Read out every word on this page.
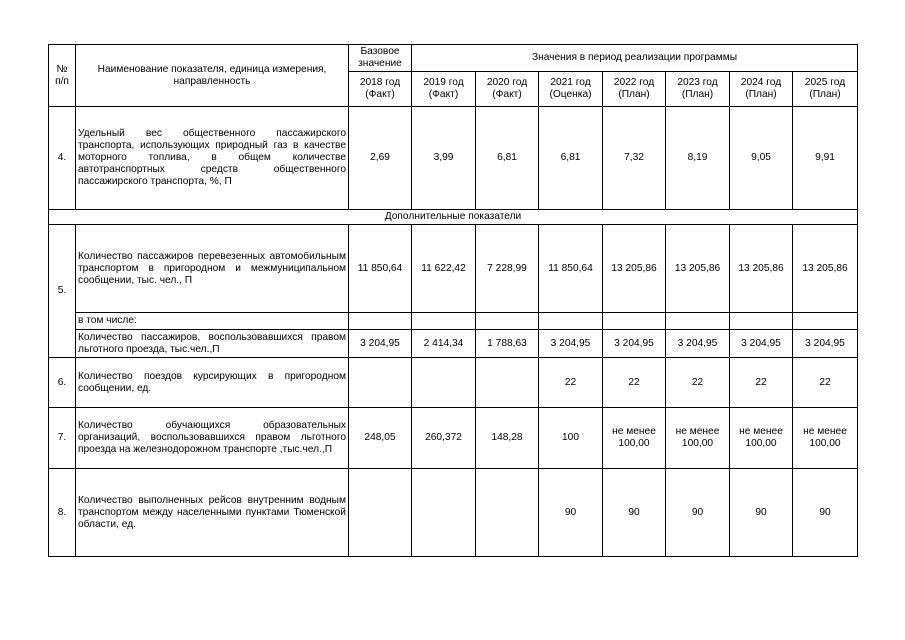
№ п/п	Наименование показателя, единица измерения, направленность	Базовое значение	Значения в период реализации программы						
		2018 год (Факт)	2019 год (Факт)	2020 год (Факт)	2021 год (Оценка)	2022 год (План)	2023 год (План)	2024 год (План)	2025 год (План)
4.	Удельный вес общественного пассажирского транспорта, использующих природный газ в качестве моторного топлива, в общем количестве автотранспортных средств общественного пассажирского транспорта, %, П	2,69	3,99	6,81	6,81	7,32	8,19	9,05	9,91
Дополнительные показатели									
5.	Количество пассажиров перевезенных автомобильным транспортом в пригородном и межмуниципальном сообщении, тыс. чел., П	11 850,64	11 622,42	7 228,99	11 850,64	13 205,86	13 205,86	13 205,86	13 205,86
	в том числе:								
	Количество пассажиров, воспользовавшихся правом льготного проезда, тыс.чел.,П	3 204,95	2 414,34	1 788,63	3 204,95	3 204,95	3 204,95	3 204,95	3 204,95
6.	Количество поездов курсирующих в пригородном сообщении, ед.				22	22	22	22	22
7.	Количество обучающихся образовательных организаций, воспользовавшихся правом льготного проезда на железнодорожном транспорте ,тыс.чел.,П	248,05	260,372	148,28	100	не менее 100,00	не менее 100,00	не менее 100,00	не менее 100,00
8.	Количество выполненных рейсов внутренним водным транспортом между населенными пунктами Тюменской области, ед.				90	90	90	90	90
